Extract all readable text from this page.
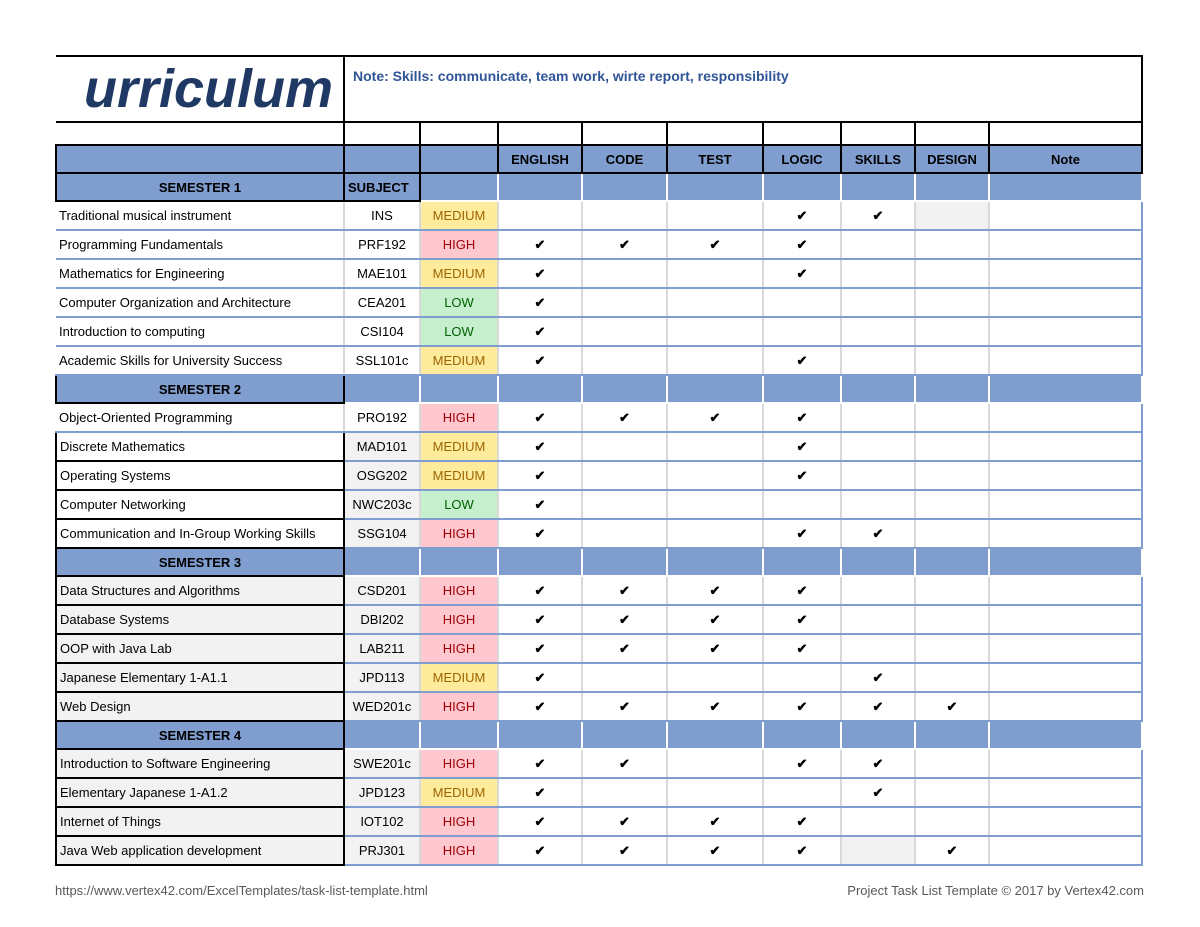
urriculum	Note: Skills: communicate, team work, wirte report, responsibility								

			ENGLISH	CODE	TEST	LOGIC	SKILLS	DESIGN	Note
SEMESTER 1	SUBJECT								
Traditional musical instrument	INS	MEDIUM				✔	✔		
Programming Fundamentals	PRF192	HIGH	✔	✔	✔	✔			
Mathematics for Engineering	MAE101	MEDIUM	✔			✔			
Computer Organization and Architecture	CEA201	LOW	✔						
Introduction to computing	CSI104	LOW	✔						
Academic Skills for University Success	SSL101c	MEDIUM	✔			✔			
SEMESTER 2									
Object-Oriented Programming	PRO192	HIGH	✔	✔	✔	✔			
Discrete Mathematics	MAD101	MEDIUM	✔			✔			
Operating Systems	OSG202	MEDIUM	✔			✔			
Computer Networking	NWC203c	LOW	✔						
Communication and In-Group Working Skills	SSG104	HIGH	✔			✔	✔		
SEMESTER 3									
Data Structures and Algorithms	CSD201	HIGH	✔	✔	✔	✔			
Database Systems	DBI202	HIGH	✔	✔	✔	✔			
OOP with Java Lab	LAB211	HIGH	✔	✔	✔	✔			
Japanese Elementary 1-A1.1	JPD113	MEDIUM	✔				✔		
Web Design	WED201c	HIGH	✔	✔	✔	✔	✔	✔	
SEMESTER 4									
Introduction to Software Engineering	SWE201c	HIGH	✔	✔		✔	✔		
Elementary Japanese 1-A1.2	JPD123	MEDIUM	✔				✔		
Internet of Things	IOT102	HIGH	✔	✔	✔	✔			
Java Web application development	PRJ301	HIGH	✔	✔	✔	✔		✔	
https://www.vertex42.com/ExcelTemplates/task-list-template.html	Project Task List Template © 2017 by Vertex42.com
